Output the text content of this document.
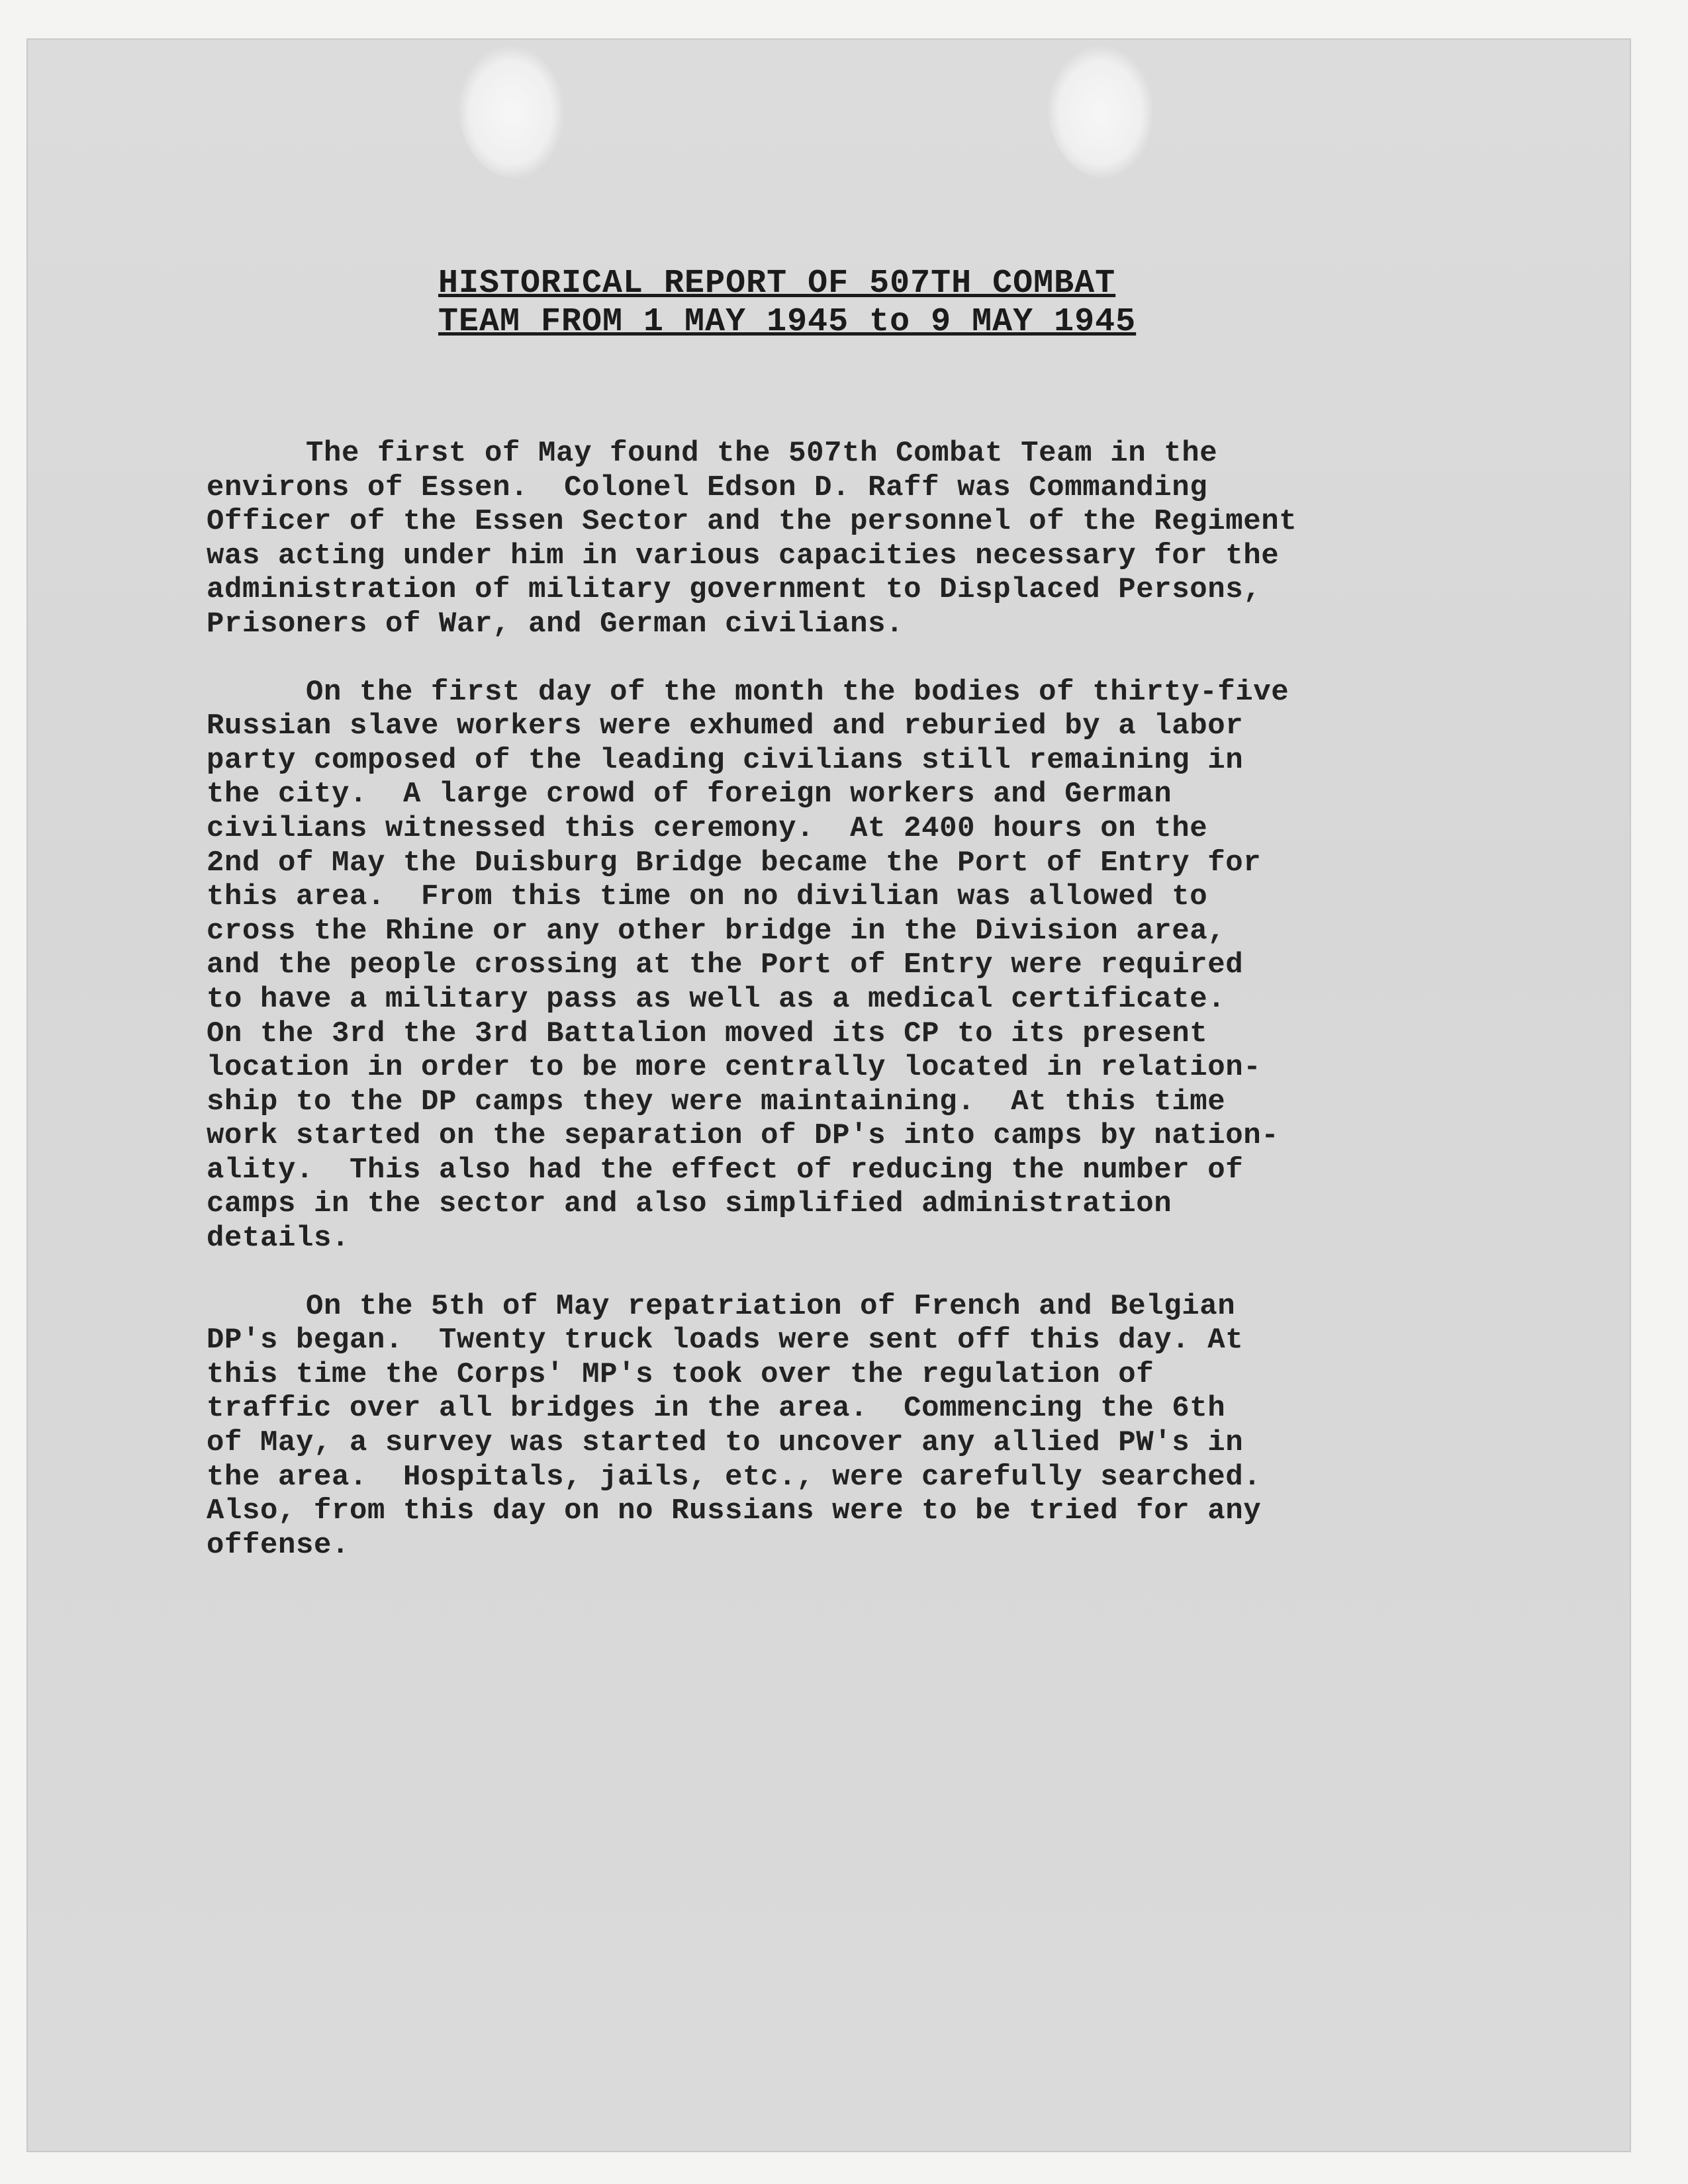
HISTORICAL REPORT OF 507TH COMBAT
TEAM FROM 1 MAY 1945 to 9 MAY 1945
The first of May found the 507th Combat Team in the
environs of Essen.  Colonel Edson D. Raff was Commanding
Officer of the Essen Sector and the personnel of the Regiment
was acting under him in various capacities necessary for the
administration of military government to Displaced Persons,
Prisoners of War, and German civilians.
On the first day of the month the bodies of thirty-five
Russian slave workers were exhumed and reburied by a labor
party composed of the leading civilians still remaining in
the city.  A large crowd of foreign workers and German
civilians witnessed this ceremony.  At 2400 hours on the
2nd of May the Duisburg Bridge became the Port of Entry for
this area.  From this time on no divilian was allowed to
cross the Rhine or any other bridge in the Division area,
and the people crossing at the Port of Entry were required
to have a military pass as well as a medical certificate.
On the 3rd the 3rd Battalion moved its CP to its present
location in order to be more centrally located in relation-
ship to the DP camps they were maintaining.  At this time
work started on the separation of DP's into camps by nation-
ality.  This also had the effect of reducing the number of
camps in the sector and also simplified administration
details.
On the 5th of May repatriation of French and Belgian
DP's began.  Twenty truck loads were sent off this day. At
this time the Corps' MP's took over the regulation of
traffic over all bridges in the area.  Commencing the 6th
of May, a survey was started to uncover any allied PW's in
the area.  Hospitals, jails, etc., were carefully searched.
Also, from this day on no Russians were to be tried for any
offense.
